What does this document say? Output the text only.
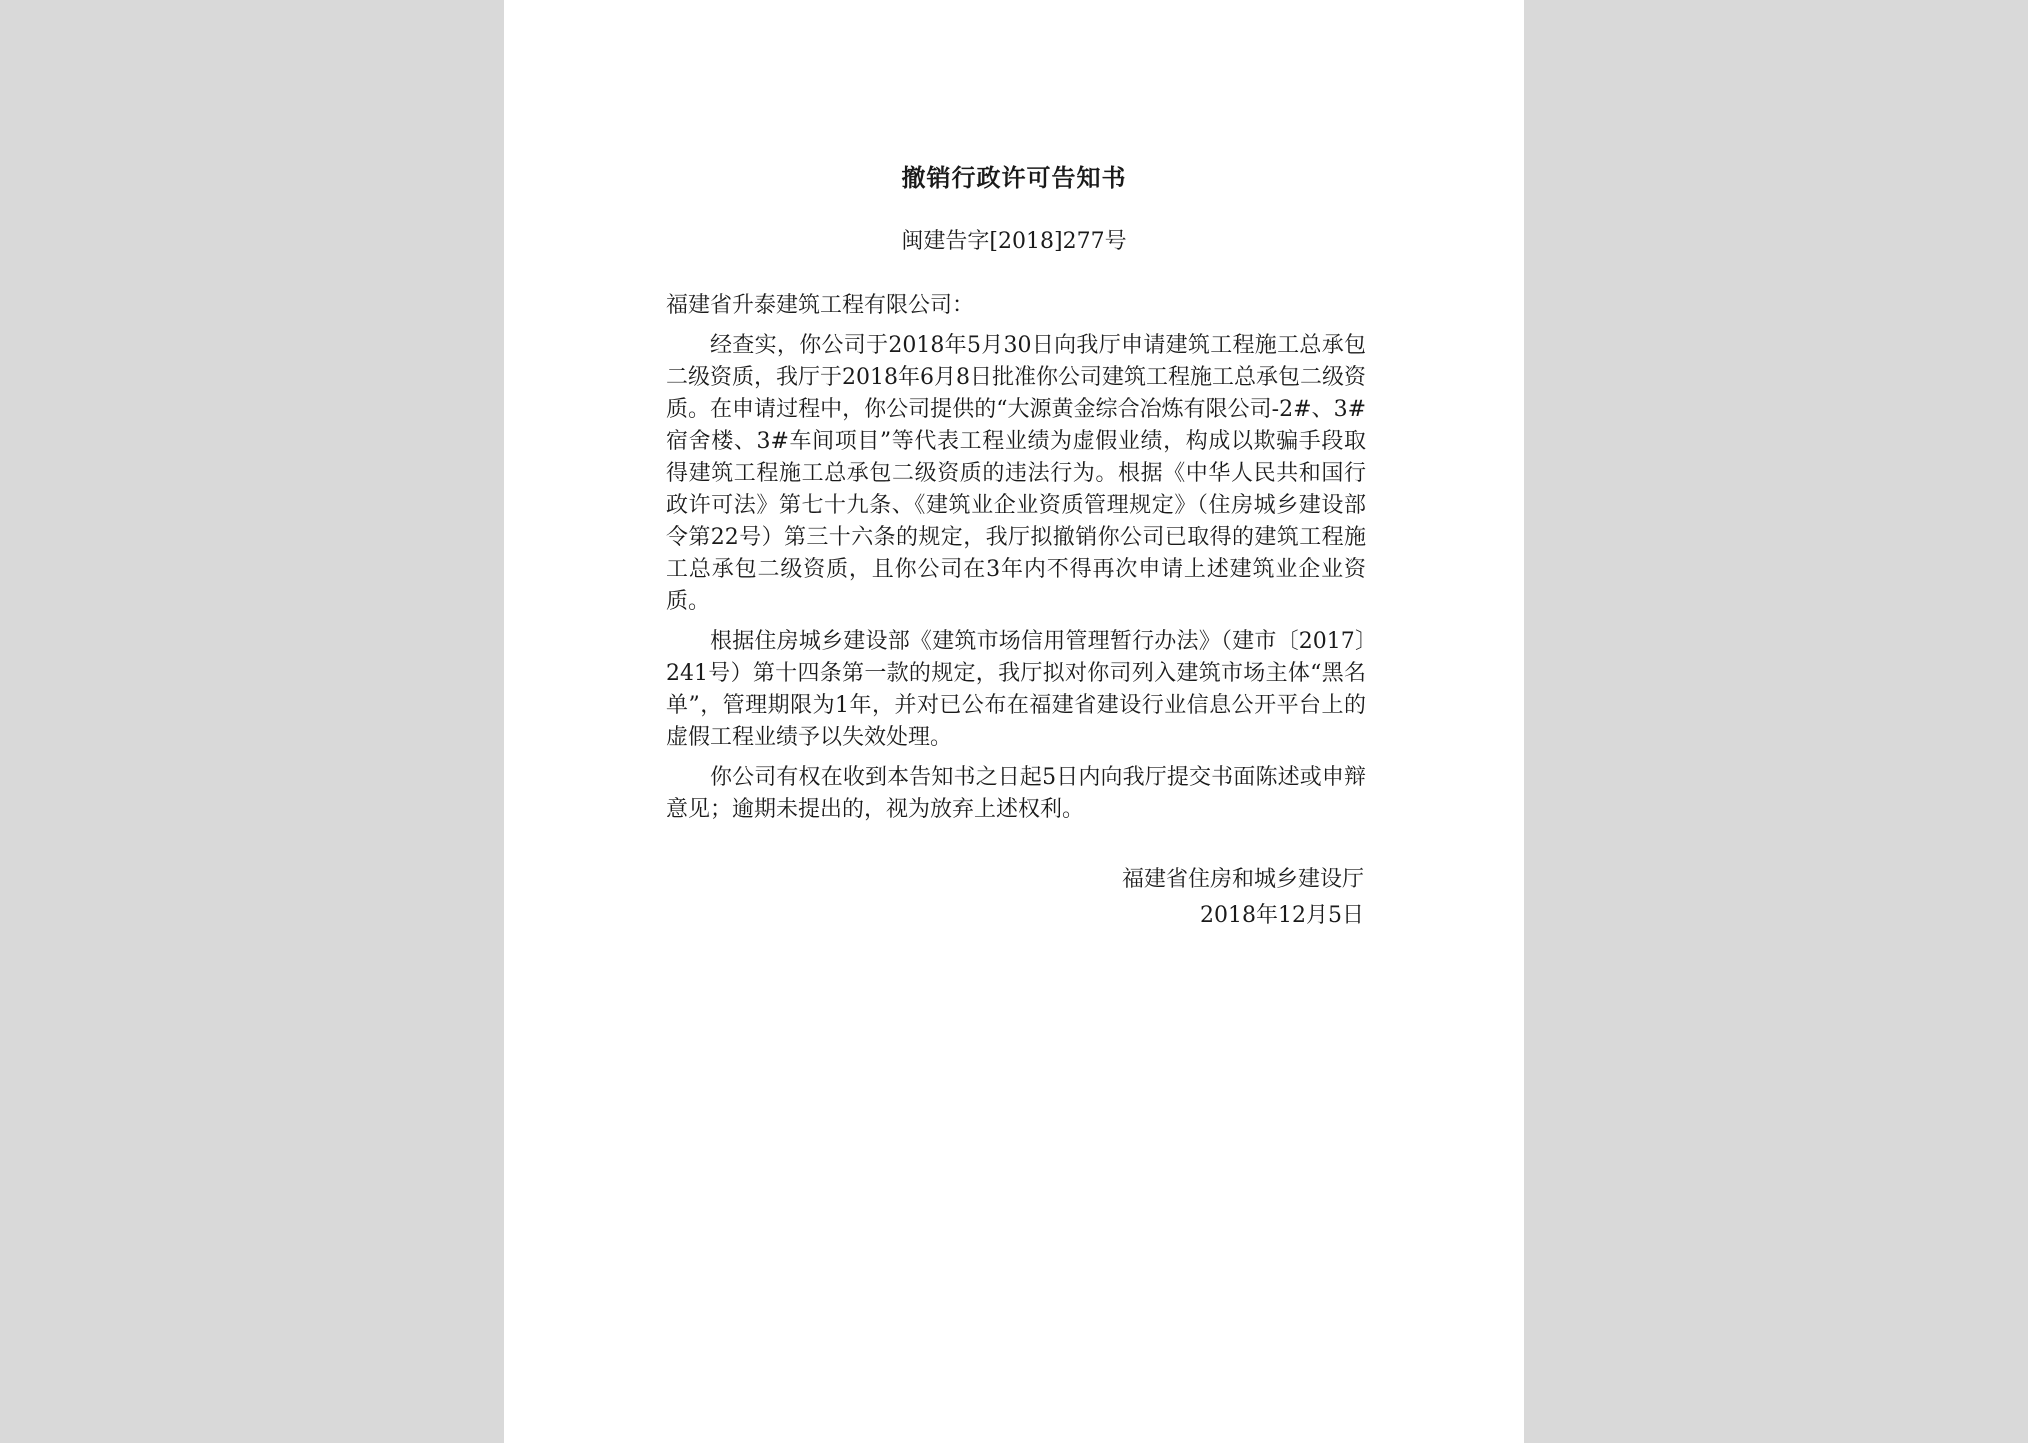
撤销行政许可告知书
闽建告字[2018]277号

福建省升泰建筑工程有限公司：

经查实，你公司于2018年5月30日向我厅申请建筑工程施工总承包二级资质，我厅于2018年6月8日批准你公司建筑工程施工总承包二级资质。在申请过程中，你公司提供的“大源黄金综合冶炼有限公司-2#、3#宿舍楼、3#车间项目”等代表工程业绩为虚假业绩，构成以欺骗手段取得建筑工程施工总承包二级资质的违法行为。根据《中华人民共和国行政许可法》第七十九条、《建筑业企业资质管理规定》（住房城乡建设部令第22号）第三十六条的规定，我厅拟撤销你公司已取得的建筑工程施工总承包二级资质，且你公司在3年内不得再次申请上述建筑业企业资质。

根据住房城乡建设部《建筑市场信用管理暂行办法》（建市〔2017〕241号）第十四条第一款的规定，我厅拟对你司列入建筑市场主体“黑名单”，管理期限为1年，并对已公布在福建省建设行业信息公开平台上的虚假工程业绩予以失效处理。

你公司有权在收到本告知书之日起5日内向我厅提交书面陈述或申辩意见；逾期未提出的，视为放弃上述权利。

福建省住房和城乡建设厅
2018年12月5日
